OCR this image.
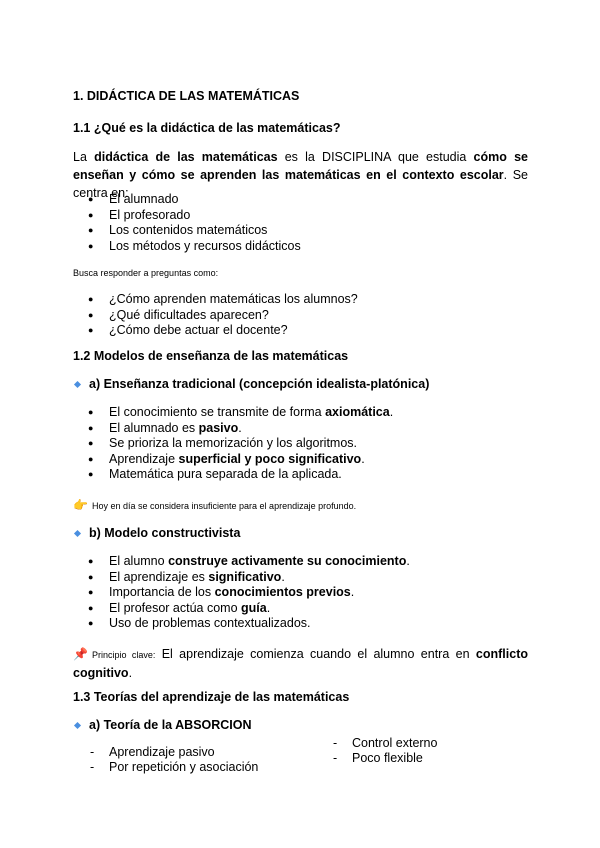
1. DIDÁCTICA DE LAS MATEMÁTICAS
1.1 ¿Qué es la didáctica de las matemáticas?
La didáctica de las matemáticas es la DISCIPLINA que estudia cómo se enseñan y cómo se aprenden las matemáticas en el contexto escolar. Se centra en:
● El alumnado
● El profesorado
● Los contenidos matemáticos
● Los métodos y recursos didácticos
Busca responder a preguntas como:
● ¿Cómo aprenden matemáticas los alumnos?
● ¿Qué dificultades aparecen?
● ¿Cómo debe actuar el docente?
1.2 Modelos de enseñanza de las matemáticas
a) Enseñanza tradicional (concepción idealista-platónica)
● El conocimiento se transmite de forma axiomática.
● El alumnado es pasivo.
● Se prioriza la memorización y los algoritmos.
● Aprendizaje superficial y poco significativo.
● Matemática pura separada de la aplicada.
👉 Hoy en día se considera insuficiente para el aprendizaje profundo.
b) Modelo constructivista
● El alumno construye activamente su conocimiento.
● El aprendizaje es significativo.
● Importancia de los conocimientos previos.
● El profesor actúa como guía.
● Uso de problemas contextualizados.
📌 Principio clave: El aprendizaje comienza cuando el alumno entra en conflicto cognitivo.
1.3 Teorías del aprendizaje de las matemáticas
a) Teoría de la ABSORCION
- Aprendizaje pasivo
- Por repetición y asociación
- Control externo
- Poco flexible
